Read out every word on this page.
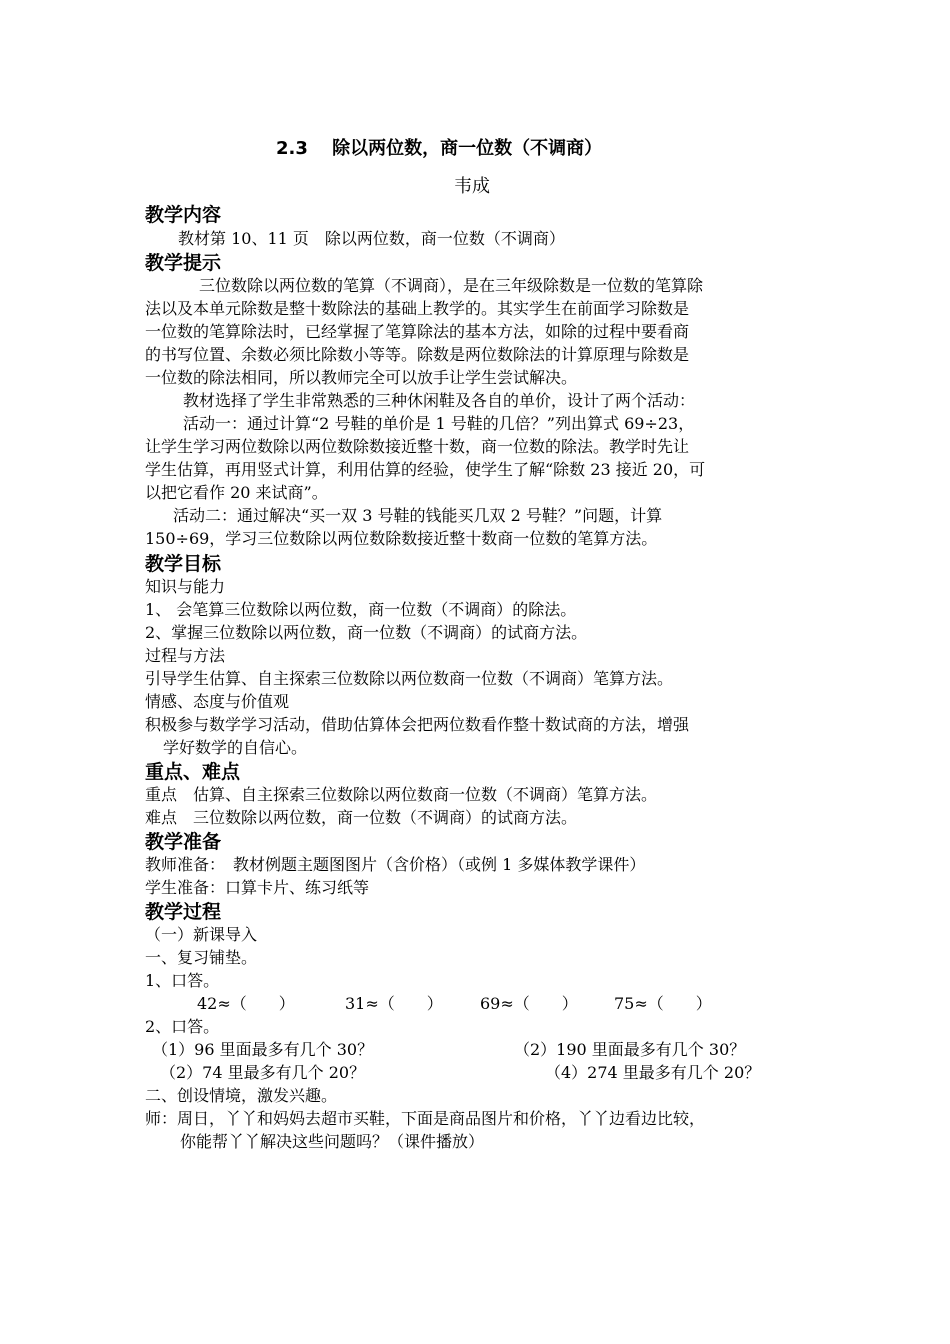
2.3　 除以两位数，商一位数（不调商）
韦成
教学内容
教材第 10、11 页　除以两位数，商一位数（不调商）
教学提示
三位数除以两位数的笔算（不调商），是在三年级除数是一位数的笔算除
法以及本单元除数是整十数除法的基础上教学的。其实学生在前面学习除数是
一位数的笔算除法时，已经掌握了笔算除法的基本方法，如除的过程中要看商
的书写位置、余数必须比除数小等等。除数是两位数除法的计算原理与除数是
一位数的除法相同，所以教师完全可以放手让学生尝试解决。
教材选择了学生非常熟悉的三种休闲鞋及各自的单价，设计了两个活动：
活动一：通过计算“2 号鞋的单价是 1 号鞋的几倍？”列出算式 69÷23，
让学生学习两位数除以两位数除数接近整十数，商一位数的除法。教学时先让
学生估算，再用竖式计算，利用估算的经验，使学生了解“除数 23 接近 20，可
以把它看作 20 来试商”。
活动二：通过解决“买一双 3 号鞋的钱能买几双 2 号鞋？”问题，计算
150÷69，学习三位数除以两位数除数接近整十数商一位数的笔算方法。
教学目标
知识与能力
1、 会笔算三位数除以两位数，商一位数（不调商）的除法。
2、掌握三位数除以两位数，商一位数（不调商）的试商方法。
过程与方法
引导学生估算、自主探索三位数除以两位数商一位数（不调商）笔算方法。
情感、态度与价值观
积极参与数学学习活动，借助估算体会把两位数看作整十数试商的方法，增强
学好数学的自信心。
重点、难点
重点　估算、自主探索三位数除以两位数商一位数（不调商）笔算方法。
难点　三位数除以两位数，商一位数（不调商）的试商方法。
教学准备
教师准备：　教材例题主题图图片（含价格）（或例 1 多媒体教学课件）
学生准备：口算卡片、练习纸等
教学过程
（一）新课导入
一、复习铺垫。
1、口答。
42≈（　　）	31≈（　　） 69≈（　　） 75≈（　　）
2、口答。
（1）96 里面最多有几个 30？	（2）190 里面最多有几个 30？
（2）74 里最多有几个 20？	（4）274 里最多有几个 20？
二、创设情境，激发兴趣。
师：周日，丫丫和妈妈去超市买鞋，下面是商品图片和价格，丫丫边看边比较，
你能帮丫丫解决这些问题吗？（课件播放）
